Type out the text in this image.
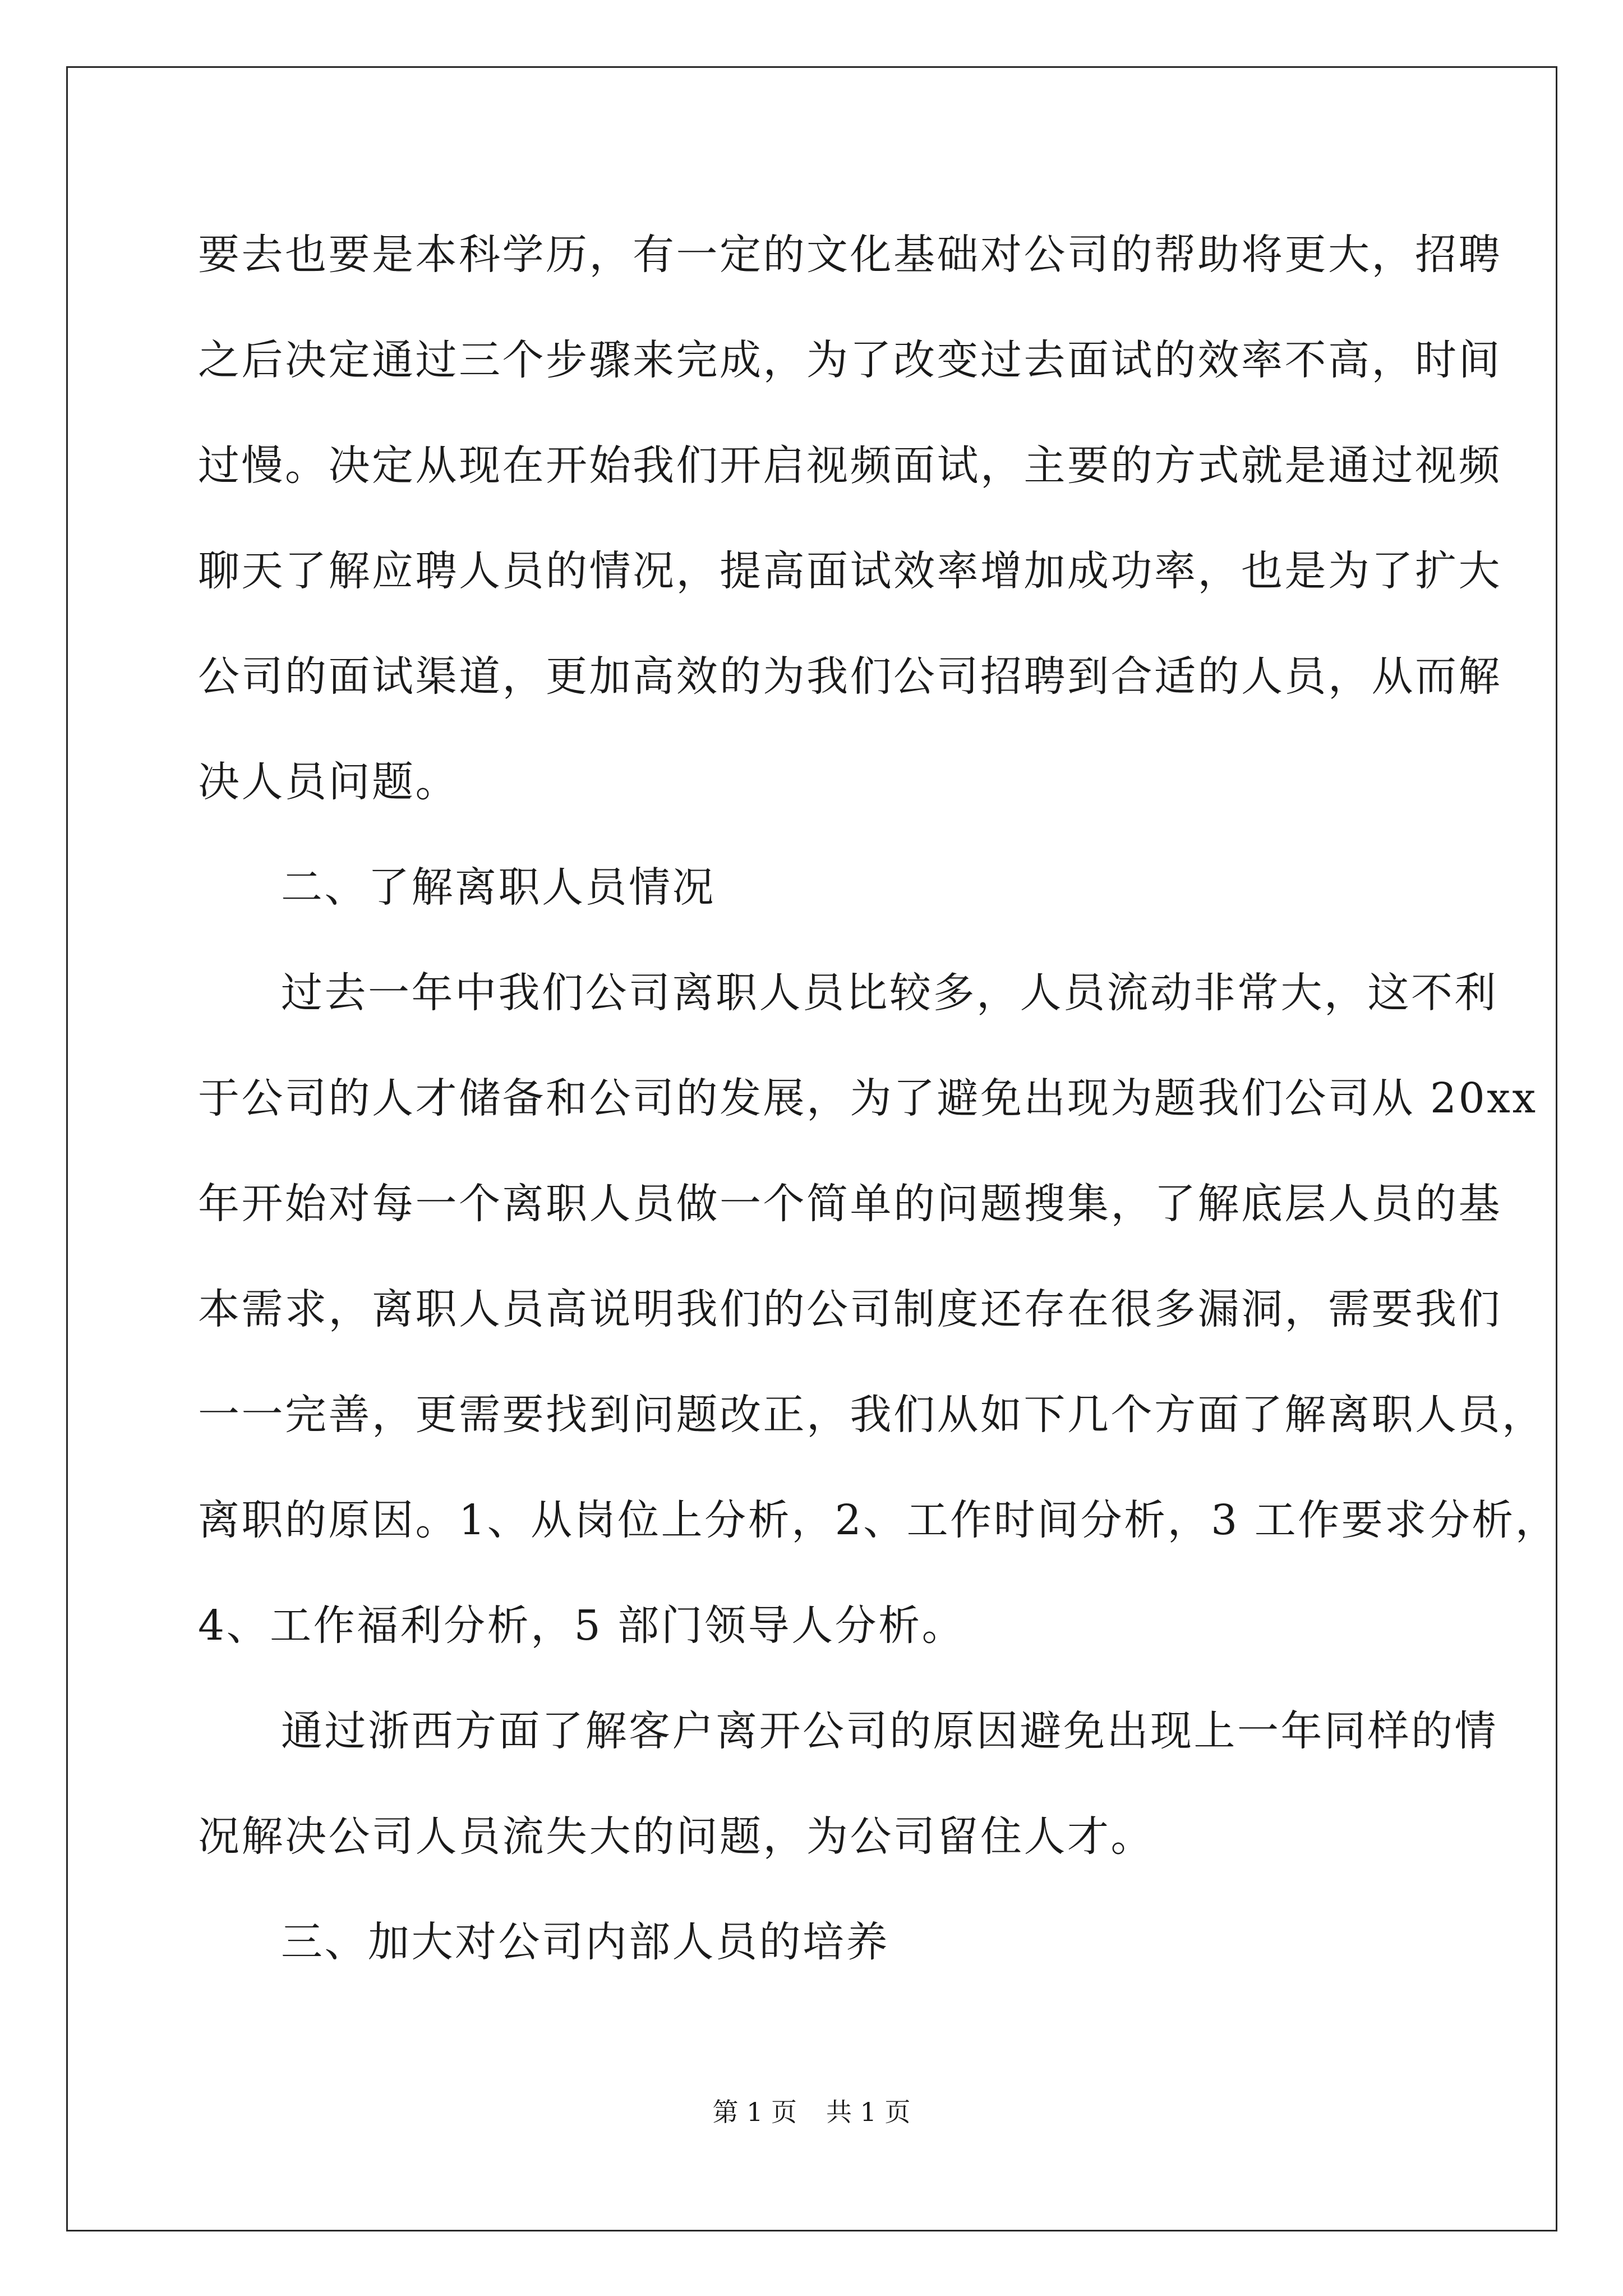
要去也要是本科学历，有一定的文化基础对公司的帮助将更大，招聘
之后决定通过三个步骤来完成，为了改变过去面试的效率不高，时间
过慢。决定从现在开始我们开启视频面试，主要的方式就是通过视频
聊天了解应聘人员的情况，提高面试效率增加成功率，也是为了扩大
公司的面试渠道，更加高效的为我们公司招聘到合适的人员，从而解
决人员问题。
二、了解离职人员情况
过去一年中我们公司离职人员比较多，人员流动非常大，这不利
于公司的人才储备和公司的发展，为了避免出现为题我们公司从 20xx
年开始对每一个离职人员做一个简单的问题搜集，了解底层人员的基
本需求，离职人员高说明我们的公司制度还存在很多漏洞，需要我们
一一完善，更需要找到问题改正，我们从如下几个方面了解离职人员，
离职的原因。1、从岗位上分析，2、工作时间分析，3 工作要求分析，
4、工作福利分析，5 部门领导人分析。
通过浙西方面了解客户离开公司的原因避免出现上一年同样的情
况解决公司人员流失大的问题，为公司留住人才。
三、加大对公司内部人员的培养
第 1 页 共 1 页
